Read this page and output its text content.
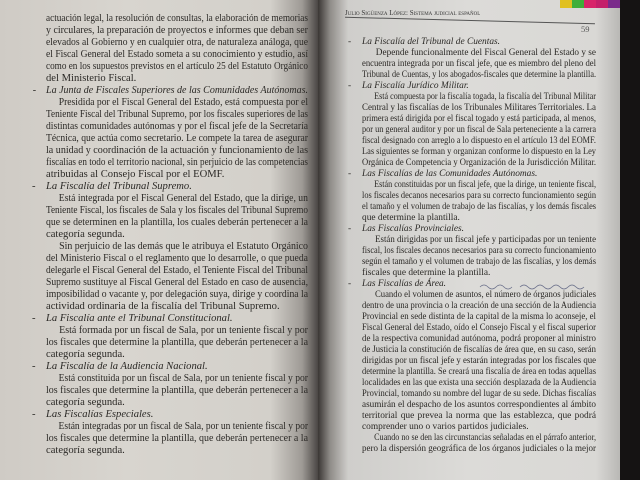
Julio Sigüenza López: Sistema judicial español
59
actuación legal, la resolución de consultas, la elaboración de memorias
y circulares, la preparación de proyectos e informes que deban ser
elevados al Gobierno y en cualquier otra, de naturaleza análoga, que
el Fiscal General del Estado someta a su conocimiento y estudio, así
como en los supuestos previstos en el artículo 25 del Estatuto Orgánico
del Ministerio Fiscal.
- La Junta de Fiscales Superiores de las Comunidades Autónomas.
Presidida por el Fiscal General del Estado, está compuesta por el
Teniente Fiscal del Tribunal Supremo, por los fiscales superiores de las
distintas comunidades autónomas y por el fiscal jefe de la Secretaría
Técnica, que actúa como secretario. Le compete la tarea de asegurar
la unidad y coordinación de la actuación y funcionamiento de las
fiscalías en todo el territorio nacional, sin perjuicio de las competencias
atribuidas al Consejo Fiscal por el EOMF.
- La Fiscalía del Tribunal Supremo.
Está integrada por el Fiscal General del Estado, que la dirige, un
Teniente Fiscal, los fiscales de Sala y los fiscales del Tribunal Supremo
que se determinen en la plantilla, los cuales deberán pertenecer a la
categoría segunda.
Sin perjuicio de las demás que le atribuya el Estatuto Orgánico
del Ministerio Fiscal o el reglamento que lo desarrolle, o que pueda
delegarle el Fiscal General del Estado, el Teniente Fiscal del Tribunal
Supremo sustituye al Fiscal General del Estado en caso de ausencia,
imposibilidad o vacante y, por delegación suya, dirige y coordina la
actividad ordinaria de la fiscalía del Tribunal Supremo.
- La Fiscalía ante el Tribunal Constitucional.
Está formada por un fiscal de Sala, por un teniente fiscal y por
los fiscales que determine la plantilla, que deberán pertenecer a la
categoría segunda.
- La Fiscalía de la Audiencia Nacional.
Está constituida por un fiscal de Sala, por un teniente fiscal y por
los fiscales que determine la plantilla, que deberán pertenecer a la
categoría segunda.
- Las Fiscalías Especiales.
Están integradas por un fiscal de Sala, por un teniente fiscal y por
los fiscales que determine la plantilla, que deberán pertenecer a la
categoría segunda.
- La Fiscalía del Tribunal de Cuentas.
Depende funcionalmente del Fiscal General del Estado y se
encuentra integrada por un fiscal jefe, que es miembro del pleno del
Tribunal de Cuentas, y los abogados-fiscales que determine la plantilla.
- La Fiscalía Jurídico Militar.
Está compuesta por la fiscalía togada, la fiscalía del Tribunal Militar
Central y las fiscalías de los Tribunales Militares Territoriales. La
primera está dirigida por el fiscal togado y está participada, al menos,
por un general auditor y por un fiscal de Sala perteneciente a la carrera
fiscal designado con arreglo a lo dispuesto en el artículo 13 del EOMF.
Las siguientes se forman y organizan conforme lo dispuesto en la Ley
Orgánica de Competencia y Organización de la Jurisdicción Militar.
- Las Fiscalías de las Comunidades Autónomas.
Están constituidas por un fiscal jefe, que la dirige, un teniente fiscal,
los fiscales decanos necesarios para su correcto funcionamiento según
el tamaño y el volumen de trabajo de las fiscalías, y los demás fiscales
que determine la plantilla.
- Las Fiscalías Provinciales.
Están dirigidas por un fiscal jefe y participadas por un teniente
fiscal, los fiscales decanos necesarios para su correcto funcionamiento
según el tamaño y el volumen de trabajo de las fiscalías, y los demás
fiscales que determine la plantilla.
- Las Fiscalías de Área.
Cuando el volumen de asuntos, el número de órganos judiciales
dentro de una provincia o la creación de una sección de la Audiencia
Provincial en sede distinta de la capital de la misma lo aconseje, el
Fiscal General del Estado, oído el Consejo Fiscal y el fiscal superior
de la respectiva comunidad autónoma, podrá proponer al ministro
de Justicia la constitución de fiscalías de área que, en su caso, serán
dirigidas por un fiscal jefe y estarán integradas por los fiscales que
determine la plantilla. Se creará una fiscalía de área en todas aquellas
localidades en las que exista una sección desplazada de la Audiencia
Provincial, tomando su nombre del lugar de su sede. Dichas fiscalías
asumirán el despacho de los asuntos correspondientes al ámbito
territorial que prevea la norma que las establezca, que podrá
comprender uno o varios partidos judiciales.
Cuando no se den las circunstancias señaladas en el párrafo anterior,
pero la dispersión geográfica de los órganos judiciales o la mejor
